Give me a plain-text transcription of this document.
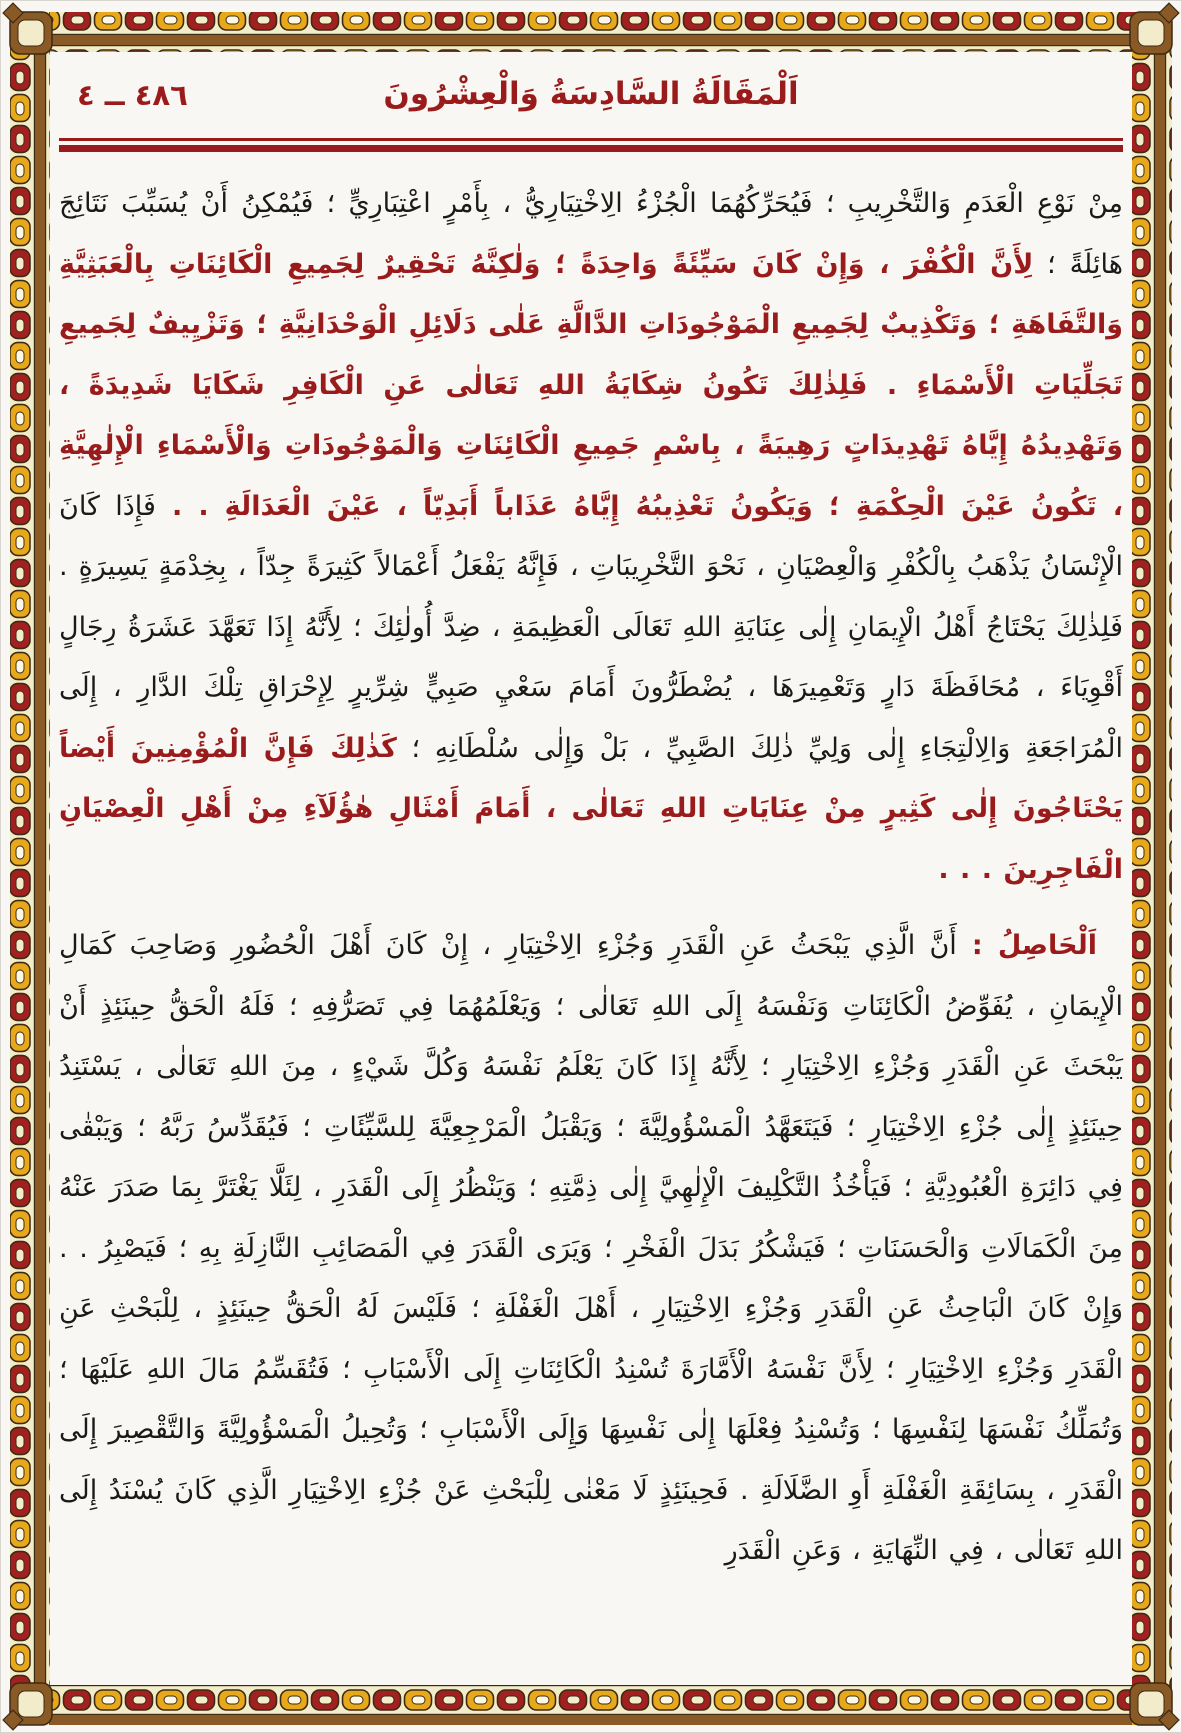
٤٨٦ ــ ٤	اَلْمَقَالَةُ السَّادِسَةُ وَالْعِشْرُونَ

مِنْ نَوْعِ الْعَدَمِ وَالتَّخْرِيبِ ؛ فَيُحَرِّكُهُمَا الْجُزْءُ الِاخْتِيَارِيُّ ، بِأَمْرٍ اعْتِبَارِيٍّ ؛ فَيُمْكِنُ أَنْ يُسَبِّبَ نَتَائِجَ هَائِلَةً ؛ لِأَنَّ الْكُفْرَ ، وَإِنْ كَانَ سَيِّئَةً وَاحِدَةً ؛ وَلٰكِنَّهُ تَحْقِيرٌ لِجَمِيعِ الْكَائِنَاتِ بِالْعَبَثِيَّةِ وَالتَّفَاهَةِ ؛ وَتَكْذِيبٌ لِجَمِيعِ الْمَوْجُودَاتِ الدَّالَّةِ عَلٰى دَلَائِلِ الْوَحْدَانِيَّةِ ؛ وَتَزْيِيفٌ لِجَمِيعِ تَجَلِّيَاتِ الْأَسْمَاءِ . فَلِذٰلِكَ تَكُونُ شِكَايَةُ اللهِ تَعَالٰى عَنِ الْكَافِرِ شَكَايَا شَدِيدَةً ، وَتَهْدِيدُهُ إِيَّاهُ تَهْدِيدَاتٍ رَهِيبَةً ، بِاسْمِ جَمِيعِ الْكَائِنَاتِ وَالْمَوْجُودَاتِ وَالْأَسْمَاءِ الْإِلٰهِيَّةِ ، تَكُونُ عَيْنَ الْحِكْمَةِ ؛ وَيَكُونُ تَعْذِيبُهُ إِيَّاهُ عَذَاباً أَبَدِيّاً ، عَيْنَ الْعَدَالَةِ . . فَإِذَا كَانَ الْإِنْسَانُ يَذْهَبُ بِالْكُفْرِ وَالْعِصْيَانِ ، نَحْوَ التَّخْرِيبَاتِ ، فَإِنَّهُ يَفْعَلُ أَعْمَالاً كَثِيرَةً جِدّاً ، بِخِدْمَةٍ يَسِيرَةٍ . فَلِذٰلِكَ يَحْتَاجُ أَهْلُ الْإِيمَانِ إِلٰى عِنَايَةِ اللهِ تَعَالَى الْعَظِيمَةِ ، ضِدَّ أُولٰئِكَ ؛ لِأَنَّهُ إِذَا تَعَهَّدَ عَشَرَةُ رِجَالٍ أَقْوِيَاءَ ، مُحَافَظَةَ دَارٍ وَتَعْمِيرَهَا ، يُضْطَرُّونَ أَمَامَ سَعْيِ صَبِيٍّ شِرِّيرٍ لِإِحْرَاقِ تِلْكَ الدَّارِ ، إِلَى الْمُرَاجَعَةِ وَالِالْتِجَاءِ إِلٰى وَلِيِّ ذٰلِكَ الصَّبِيِّ ، بَلْ وَإِلٰى سُلْطَانِهِ ؛ كَذٰلِكَ فَإِنَّ الْمُؤْمِنِينَ أَيْضاً يَحْتَاجُونَ إِلٰى كَثِيرٍ مِنْ عِنَايَاتِ اللهِ تَعَالٰى ، أَمَامَ أَمْثَالِ هٰؤُلَآءِ مِنْ أَهْلِ الْعِصْيَانِ الْفَاجِرِينَ . . .

اَلْحَاصِلُ : أَنَّ الَّذِي يَبْحَثُ عَنِ الْقَدَرِ وَجُزْءِ الِاخْتِيَارِ ، إِنْ كَانَ أَهْلَ الْحُضُورِ وَصَاحِبَ كَمَالِ الْإِيمَانِ ، يُفَوِّضُ الْكَائِنَاتِ وَنَفْسَهُ إِلَى اللهِ تَعَالٰى ؛ وَيَعْلَمُهُمَا فِي تَصَرُّفِهِ ؛ فَلَهُ الْحَقُّ حِينَئِذٍ أَنْ يَبْحَثَ عَنِ الْقَدَرِ وَجُزْءِ الِاخْتِيَارِ ؛ لِأَنَّهُ إِذَا كَانَ يَعْلَمُ نَفْسَهُ وَكُلَّ شَيْءٍ ، مِنَ اللهِ تَعَالٰى ، يَسْتَنِدُ حِينَئِذٍ إِلٰى جُزْءِ الِاخْتِيَارِ ؛ فَيَتَعَهَّدُ الْمَسْؤُولِيَّةَ ؛ وَيَقْبَلُ الْمَرْجِعِيَّةَ لِلسَّيِّئَاتِ ؛ فَيُقَدِّسُ رَبَّهُ ؛ وَيَبْقٰى فِي دَائِرَةِ الْعُبُودِيَّةِ ؛ فَيَأْخُذُ التَّكْلِيفَ الْإِلٰهِيَّ إِلٰى ذِمَّتِهِ ؛ وَيَنْظُرُ إِلَى الْقَدَرِ ، لِئَلَّا يَغْتَرَّ بِمَا صَدَرَ عَنْهُ مِنَ الْكَمَالَاتِ وَالْحَسَنَاتِ ؛ فَيَشْكُرُ بَدَلَ الْفَخْرِ ؛ وَيَرَى الْقَدَرَ فِي الْمَصَائِبِ النَّازِلَةِ بِهِ ؛ فَيَصْبِرُ . . وَإِنْ كَانَ الْبَاحِثُ عَنِ الْقَدَرِ وَجُزْءِ الِاخْتِيَارِ ، أَهْلَ الْغَفْلَةِ ؛ فَلَيْسَ لَهُ الْحَقُّ حِينَئِذٍ ، لِلْبَحْثِ عَنِ الْقَدَرِ وَجُزْءِ الِاخْتِيَارِ ؛ لِأَنَّ نَفْسَهُ الْأَمَّارَةَ تُسْنِدُ الْكَائِنَاتِ إِلَى الْأَسْبَابِ ؛ فَتُقَسِّمُ مَالَ اللهِ عَلَيْهَا ؛ وَتُمَلِّكُ نَفْسَهَا لِنَفْسِهَا ؛ وَتُسْنِدُ فِعْلَهَا إِلٰى نَفْسِهَا وَإِلَى الْأَسْبَابِ ؛ وَتُحِيلُ الْمَسْؤُولِيَّةَ وَالتَّقْصِيرَ إِلَى الْقَدَرِ ، بِسَائِقَةِ الْغَفْلَةِ أَوِ الضَّلَالَةِ . فَحِينَئِذٍ لَا مَعْنٰى لِلْبَحْثِ عَنْ جُزْءِ الِاخْتِيَارِ الَّذِي كَانَ يُسْنَدُ إِلَى اللهِ تَعَالٰى ، فِي النِّهَايَةِ ، وَعَنِ الْقَدَرِ
